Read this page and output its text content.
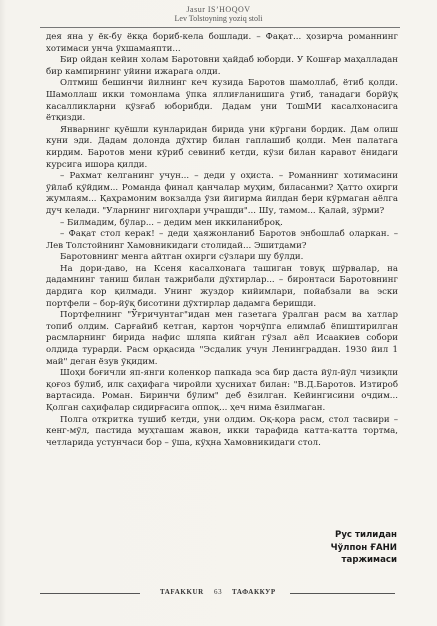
Jasur ISʼHOQOV
Lev Tolstoyning yoziq stoli

дея яна у ёк-бу ёкқа бориб-кела бошлади. – Фақат... ҳозирча романнинг хотимаси унча ўхшамаяпти...

Бир ойдан кейин холам Баротовни ҳайдаб юборди. У Кошғар маҳалладан бир кампирнинг уйини ижарага олди.

Олтмиш бешинчи йилнинг кеч кузида Баротов шамоллаб, ётиб қолди. Шамоллаш икки томонлама ўпка яллиғланишига ўтиб, танадаги борйўқ касалликларни қўзғаб юборибди. Дадам уни ТошМИ касалхонасига ётқизди.

Январнинг қуёшли кунларидан бирида уни кўргани бордик. Дам олиш куни эди. Дадам долонда дўхтир билан гаплашиб қолди. Мен палатага кирдим. Баротов мени кўриб севиниб кетди, кўзи билан каравот ёнидаги курсига ишора қилди.

– Рахмат келганинг учун... – деди у оҳиста. – Романнинг хотимасини ўйлаб қўйдим... Романда финал қанчалар муҳим, биласанми? Ҳатто охирги жумлаям... Қаҳрамоним вокзалда ўзи йигирма йилдан бери кўрмаган аёлга дуч келади. "Уларнинг нигоҳлари учрашди"... Шу, тамом... Қалай, зўрми?

– Билмадим, бўлар... – дедим мен иккиланиброқ.

– Фақат стол керак! – деди ҳаяжонланиб Баротов энбошлаб оларкан. – Лев Толстойнинг Хамовникидаги столидай... Эшитдами?

Баротовнинг менга айтган охирги сўзлари шу бўлди.

На дори-даво, на Ксеня касалхонага ташиган товуқ шўрвалар, на дадамнинг таниш билан тажрибали дўхтирлар... – биронтаси Баротовнинг дардига кор қилмади. Унинг жуздор кийимлари, пойабзали ва эски портфели – бор-йўқ бисотини дўхтирлар дадамга беришди.

Портфелнинг "Ўғричунтаг"идан мен газетага ўралган расм ва хатлар топиб олдим. Сарғайиб кетган, картон чорчўпга елимлаб ёпиштирилган расмларнинг бирида нафис шляпа кийган гўзал аёл Исаакиев собори олдида турарди. Расм орқасида "Эсдалик учун Ленинграддан. 1930 йил 1 май" деган ёзув ўқидим.

Шоҳи боғичли яп-янги коленкор папкада эса бир даста йўл-йўл чизиқли қоғоз бўлиб, илк саҳифага чиройли ҳуснихат билан: "В.Д.Баротов. Изтироб вартасида. Роман. Биринчи бўлим" деб ёзилган. Кейингисини очдим... Қолган саҳифалар сидирғасига оппоқ... ҳеч нима ёзилмаган.

Полга откритка тушиб кетди, уни олдим. Оқ-қора расм, стол тасвири – кенг-мўл, пастида муҳташам жавон, икки тарафида катта-катта тортма, четларида устунчаси бор – ўша, кўҳна Хамовникидаги стол.

Рус тилидан
Чўлпон ҒАНИ
таржимаси
TAFAKKUR 63 ТАФАККУР
